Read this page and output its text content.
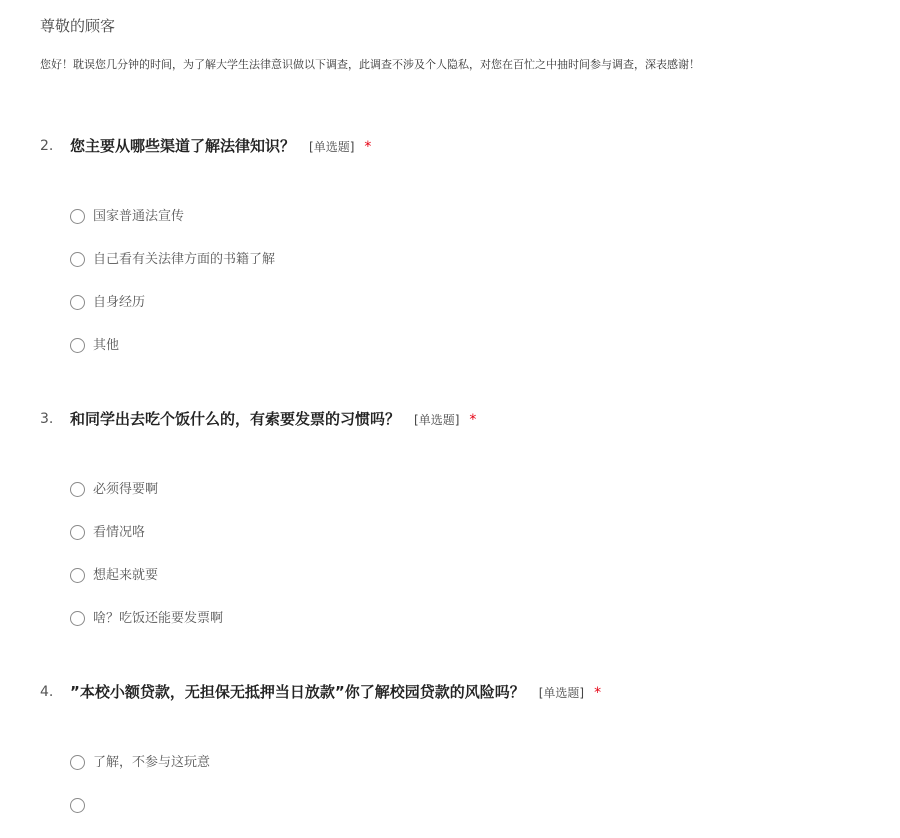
尊敬的顾客
您好！耽误您几分钟的时间，为了解大学生法律意识做以下调查，此调查不涉及个人隐私，对您在百忙之中抽时间参与调查，深表感谢！
2. 您主要从哪些渠道了解法律知识？ [单选题] *
国家普通法宣传
自己看有关法律方面的书籍了解
自身经历
其他
3. 和同学出去吃个饭什么的，有索要发票的习惯吗？ [单选题] *
必须得要啊
看情况咯
想起来就要
啥？吃饭还能要发票啊
4. ”本校小额贷款，无担保无抵押当日放款”你了解校园贷款的风险吗？ [单选题] *
了解，不参与这玩意
